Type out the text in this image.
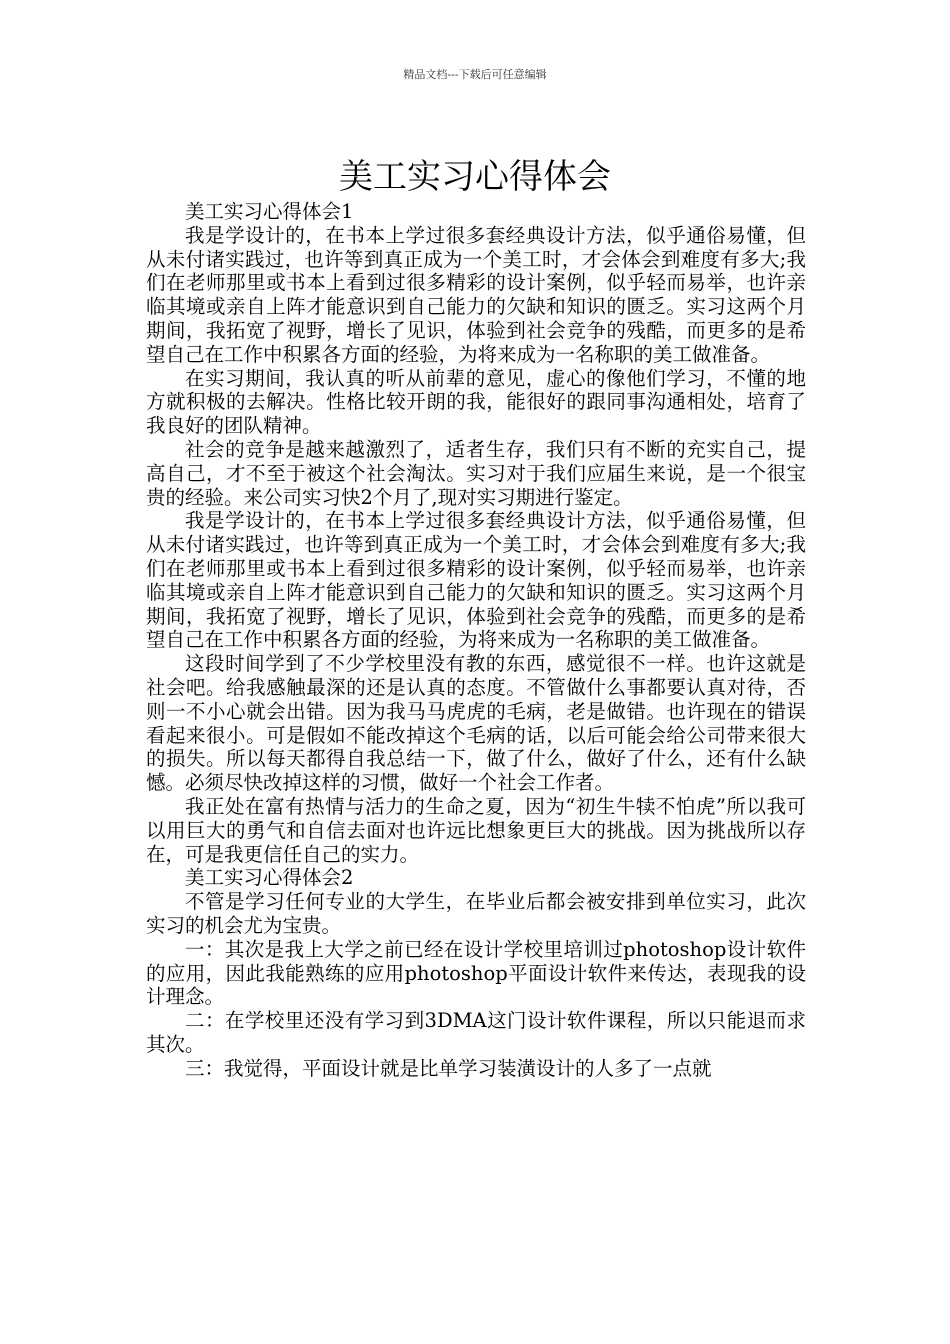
精品文档---下载后可任意编辑
美工实习心得体会

美工实习心得体会1

我是学设计的，在书本上学过很多套经典设计方法，似乎通俗易懂，但从未付诸实践过，也许等到真正成为一个美工时，才会体会到难度有多大;我们在老师那里或书本上看到过很多精彩的设计案例，似乎轻而易举，也许亲临其境或亲自上阵才能意识到自己能力的欠缺和知识的匮乏。实习这两个月期间，我拓宽了视野，增长了见识，体验到社会竞争的残酷，而更多的是希望自己在工作中积累各方面的经验，为将来成为一名称职的美工做准备。

在实习期间，我认真的听从前辈的意见，虚心的像他们学习，不懂的地方就积极的去解决。性格比较开朗的我，能很好的跟同事沟通相处，培育了我良好的团队精神。

社会的竞争是越来越激烈了，适者生存，我们只有不断的充实自己，提高自己，才不至于被这个社会淘汰。实习对于我们应届生来说，是一个很宝贵的经验。来公司实习快2个月了,现对实习期进行鉴定。

我是学设计的，在书本上学过很多套经典设计方法，似乎通俗易懂，但从未付诸实践过，也许等到真正成为一个美工时，才会体会到难度有多大;我们在老师那里或书本上看到过很多精彩的设计案例，似乎轻而易举，也许亲临其境或亲自上阵才能意识到自己能力的欠缺和知识的匮乏。实习这两个月期间，我拓宽了视野，增长了见识，体验到社会竞争的残酷，而更多的是希望自己在工作中积累各方面的经验，为将来成为一名称职的美工做准备。

这段时间学到了不少学校里没有教的东西，感觉很不一样。也许这就是社会吧。给我感触最深的还是认真的态度。不管做什么事都要认真对待，否则一不小心就会出错。因为我马马虎虎的毛病，老是做错。也许现在的错误看起来很小。可是假如不能改掉这个毛病的话，以后可能会给公司带来很大的损失。所以每天都得自我总结一下，做了什么，做好了什么，还有什么缺憾。必须尽快改掉这样的习惯，做好一个社会工作者。

我正处在富有热情与活力的生命之夏，因为“初生牛犊不怕虎”所以我可以用巨大的勇气和自信去面对也许远比想象更巨大的挑战。因为挑战所以存在，可是我更信任自己的实力。

美工实习心得体会2

不管是学习任何专业的大学生，在毕业后都会被安排到单位实习，此次实习的机会尤为宝贵。

一：其次是我上大学之前已经在设计学校里培训过photoshop设计软件的应用，因此我能熟练的应用photoshop平面设计软件来传达，表现我的设计理念。

二：在学校里还没有学习到3DMA这门设计软件课程，所以只能退而求其次。

三：我觉得，平面设计就是比单学习装潢设计的人多了一点就
